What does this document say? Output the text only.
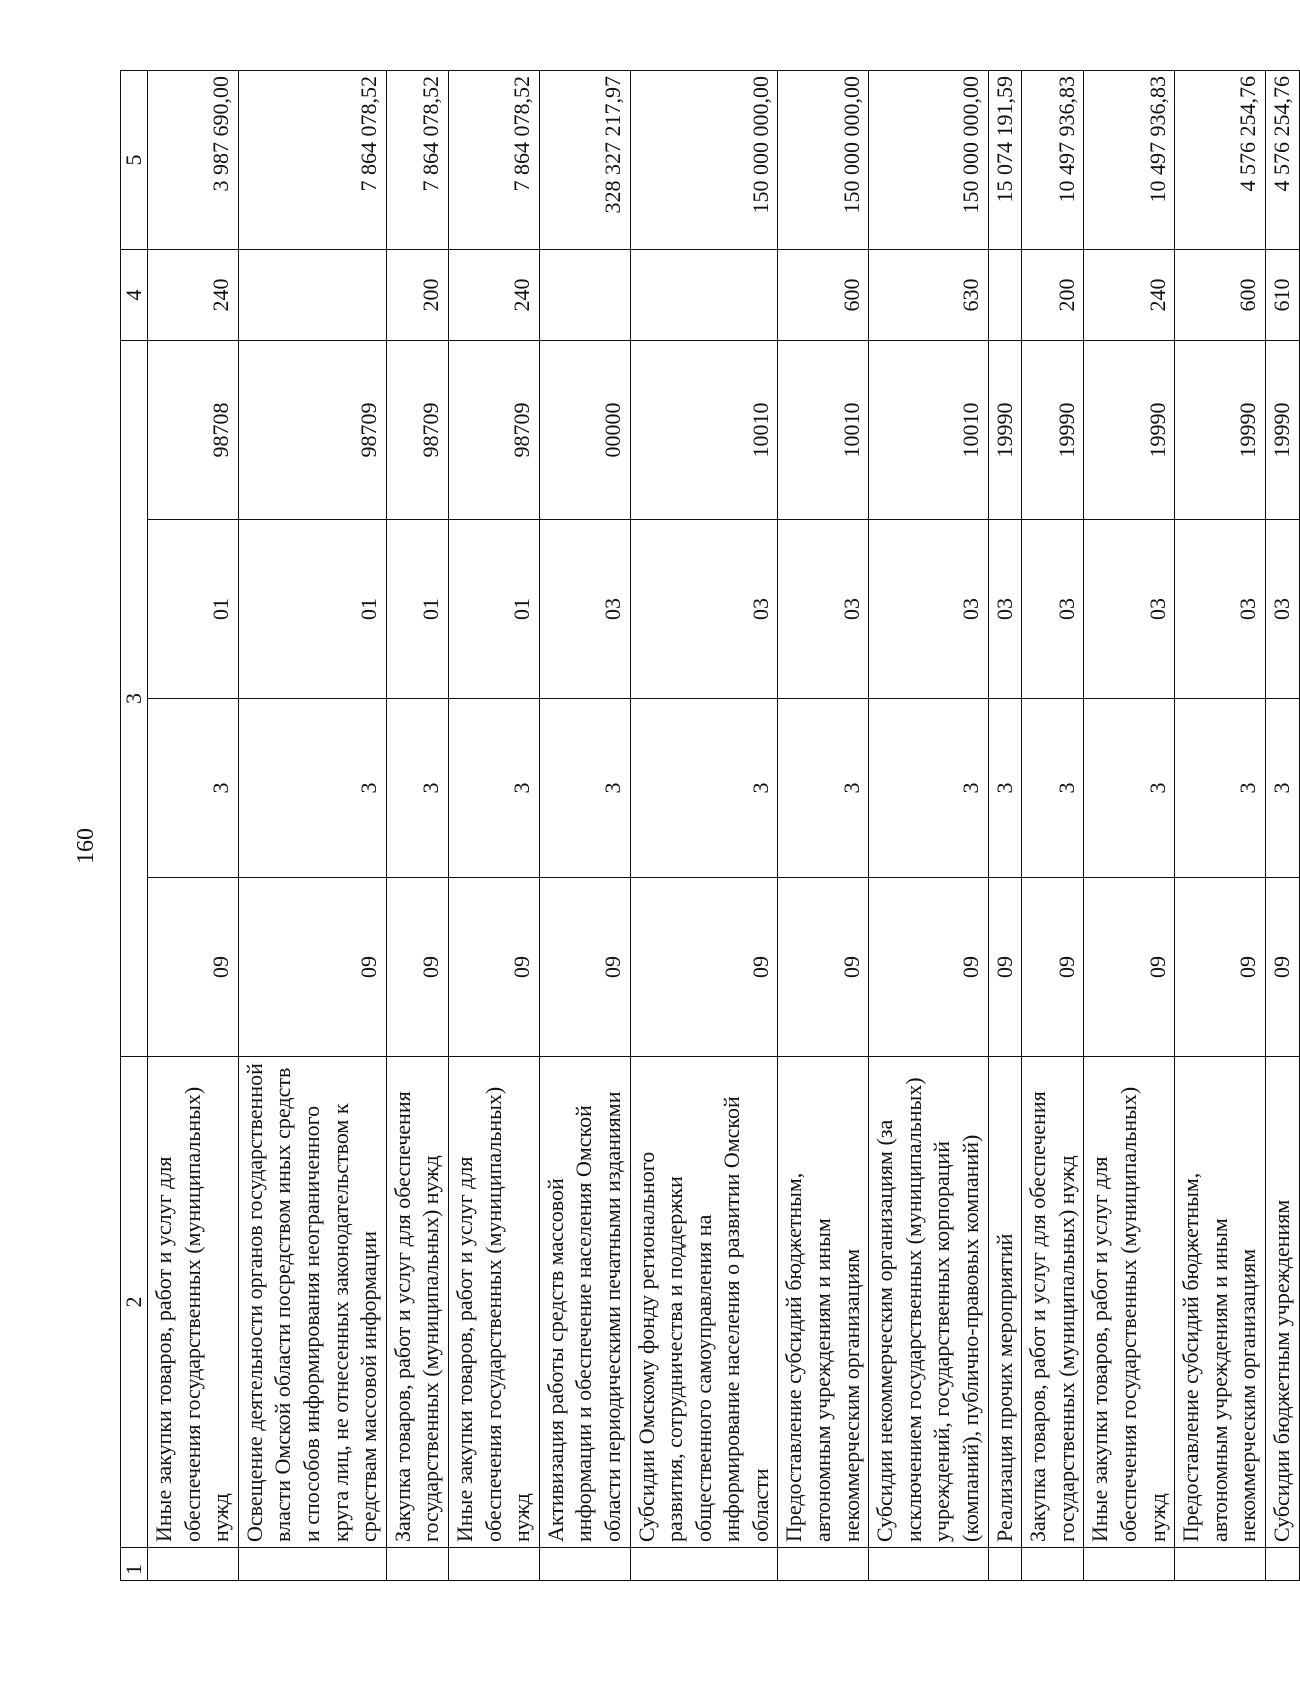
160
1	2	3				4	5
	Иные закупки товаров, работ и услуг для обеспечения государственных (муниципальных) нужд	09	3	01	98708	240	3 987 690,00
	Освещение деятельности органов государственной власти Омской области посредством иных средств и способов информирования неограниченного круга лиц, не отнесенных законодательством к средствам массовой информации	09	3	01	98709		7 864 078,52
	Закупка товаров, работ и услуг для обеспечения государственных (муниципальных) нужд	09	3	01	98709	200	7 864 078,52
	Иные закупки товаров, работ и услуг для обеспечения государственных (муниципальных) нужд	09	3	01	98709	240	7 864 078,52
	Активизация работы средств массовой информации и обеспечение населения Омской области периодическими печатными изданиями	09	3	03	00000		328 327 217,97
	Субсидии Омскому фонду регионального развития, сотрудничества и поддержки общественного самоуправления на информирование населения о развитии Омской области	09	3	03	10010		150 000 000,00
	Предоставление субсидий бюджетным, автономным учреждениям и иным некоммерческим организациям	09	3	03	10010	600	150 000 000,00
	Субсидии некоммерческим организациям (за исключением государственных (муниципальных) учреждений, государственных корпораций (компаний), публично-правовых компаний)	09	3	03	10010	630	150 000 000,00
	Реализация прочих мероприятий	09	3	03	19990		15 074 191,59
	Закупка товаров, работ и услуг для обеспечения государственных (муниципальных) нужд	09	3	03	19990	200	10 497 936,83
	Иные закупки товаров, работ и услуг для обеспечения государственных (муниципальных) нужд	09	3	03	19990	240	10 497 936,83
	Предоставление субсидий бюджетным, автономным учреждениям и иным некоммерческим организациям	09	3	03	19990	600	4 576 254,76
	Субсидии бюджетным учреждениям	09	3	03	19990	610	4 576 254,76
